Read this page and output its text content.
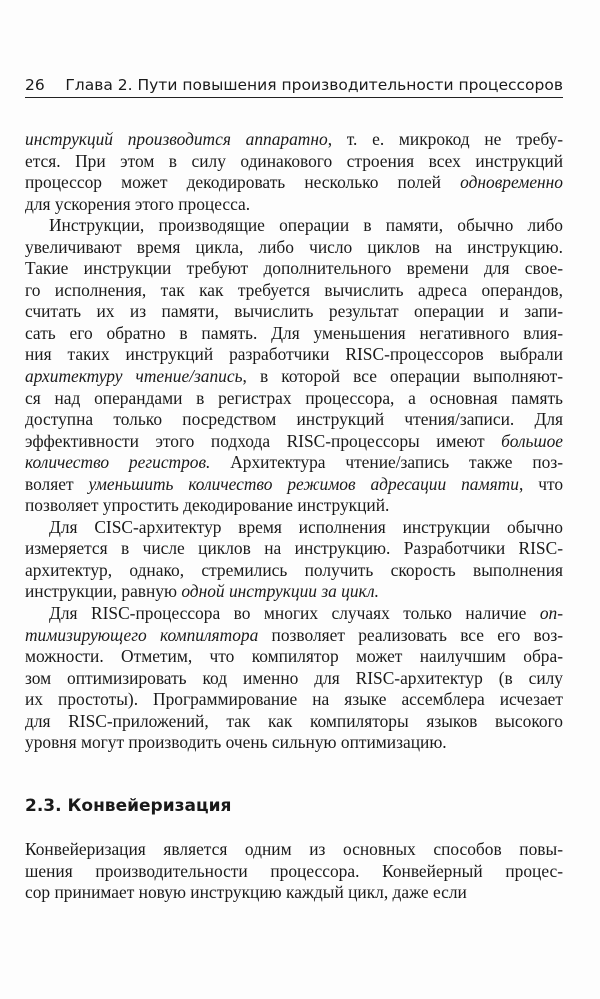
26 Глава 2. Пути повышения производительности процессоров
инструкций производится аппаратно, т. е. микрокод не требу-
ется. При этом в силу одинакового строения всех инструкций
процессор может декодировать несколько полей одновременно
для ускорения этого процесса.
Инструкции, производящие операции в памяти, обычно либо
увеличивают время цикла, либо число циклов на инструкцию.
Такие инструкции требуют дополнительного времени для свое-
го исполнения, так как требуется вычислить адреса операндов,
считать их из памяти, вычислить результат операции и запи-
сать его обратно в память. Для уменьшения негативного влия-
ния таких инструкций разработчики RISC-процессоров выбрали
архитектуру чтение/запись, в которой все операции выполняют-
ся над операндами в регистрах процессора, а основная память
доступна только посредством инструкций чтения/записи. Для
эффективности этого подхода RISC-процессоры имеют большое
количество регистров. Архитектура чтение/запись также поз-
воляет уменьшить количество режимов адресации памяти, что
позволяет упростить декодирование инструкций.
Для CISC-архитектур время исполнения инструкции обычно
измеряется в числе циклов на инструкцию. Разработчики RISC-
архитектур, однако, стремились получить скорость выполнения
инструкции, равную одной инструкции за цикл.
Для RISC-процессора во многих случаях только наличие оп-
тимизирующего компилятора позволяет реализовать все его воз-
можности. Отметим, что компилятор может наилучшим обра-
зом оптимизировать код именно для RISC-архитектур (в силу
их простоты). Программирование на языке ассемблера исчезает
для RISC-приложений, так как компиляторы языков высокого
уровня могут производить очень сильную оптимизацию.
2.3. Конвейеризация
Конвейеризация является одним из основных способов повы-
шения производительности процессора. Конвейерный процес-
сор принимает новую инструкцию каждый цикл, даже если
